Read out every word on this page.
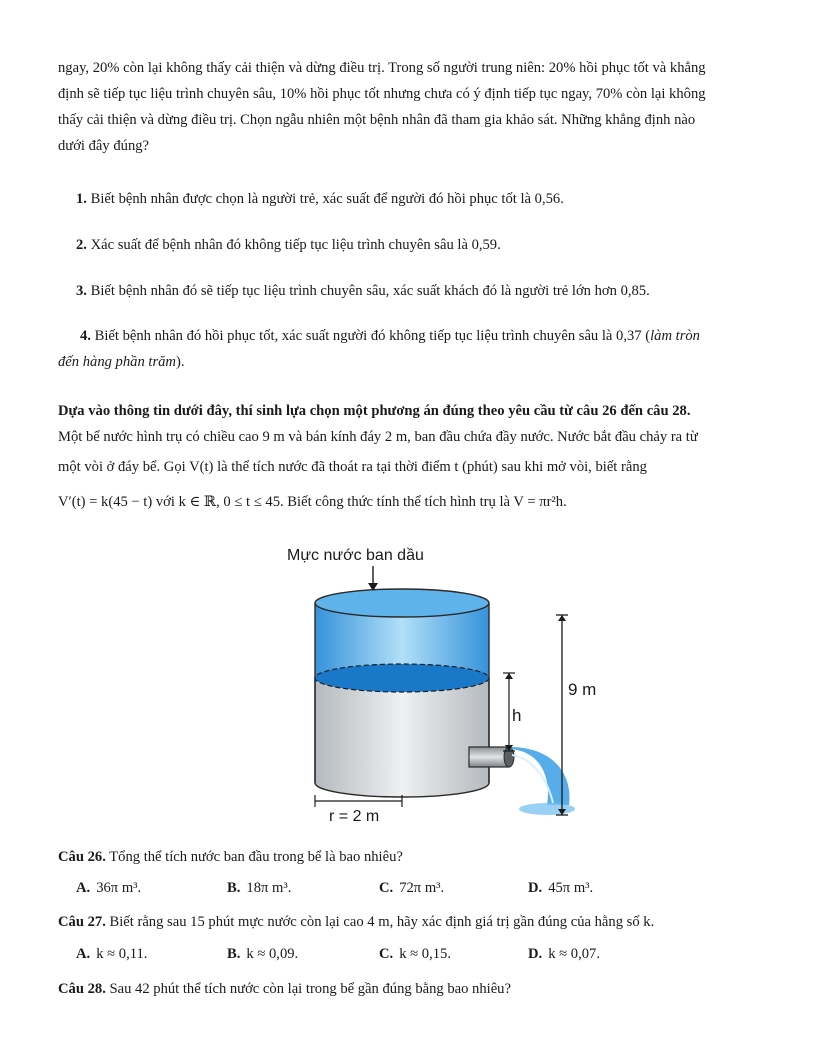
ngay, 20% còn lại không thấy cải thiện và dừng điều trị. Trong số người trung niên: 20% hồi phục tốt và khẳng
định sẽ tiếp tục liệu trình chuyên sâu, 10% hồi phục tốt nhưng chưa có ý định tiếp tục ngay, 70% còn lại không
thấy cải thiện và dừng điều trị. Chọn ngẫu nhiên một bệnh nhân đã tham gia khảo sát. Những khẳng định nào
dưới đây đúng?
1. Biết bệnh nhân được chọn là người trẻ, xác suất để người đó hồi phục tốt là 0,56.
2. Xác suất để bệnh nhân đó không tiếp tục liệu trình chuyên sâu là 0,59.
3. Biết bệnh nhân đó sẽ tiếp tục liệu trình chuyên sâu, xác suất khách đó là người trẻ lớn hơn 0,85.
4. Biết bệnh nhân đó hồi phục tốt, xác suất người đó không tiếp tục liệu trình chuyên sâu là 0,37 (làm tròn
đến hàng phần trăm).
Dựa vào thông tin dưới đây, thí sinh lựa chọn một phương án đúng theo yêu cầu từ câu 26 đến câu 28.
Một bể nước hình trụ có chiều cao 9 m và bán kính đáy 2 m, ban đầu chứa đầy nước. Nước bắt đầu chảy ra từ
một vòi ở đáy bể. Gọi V(t) là thể tích nước đã thoát ra tại thời điểm t (phút) sau khi mở vòi, biết rằng
V′(t) = k(45 − t) với k ∈ ℝ, 0 ≤ t ≤ 45. Biết công thức tính thể tích hình trụ là V = πr²h.
Mực nước ban dầu
9 m
h
r = 2 m
Câu 26. Tổng thể tích nước ban đầu trong bể là bao nhiêu?
A. 36π m³.	B. 18π m³.	C. 72π m³.	D. 45π m³.
Câu 27. Biết rằng sau 15 phút mực nước còn lại cao 4 m, hãy xác định giá trị gần đúng của hằng số k.
A. k ≈ 0,11.	B. k ≈ 0,09.	C. k ≈ 0,15.	D. k ≈ 0,07.
Câu 28. Sau 42 phút thể tích nước còn lại trong bể gần đúng bằng bao nhiêu?
